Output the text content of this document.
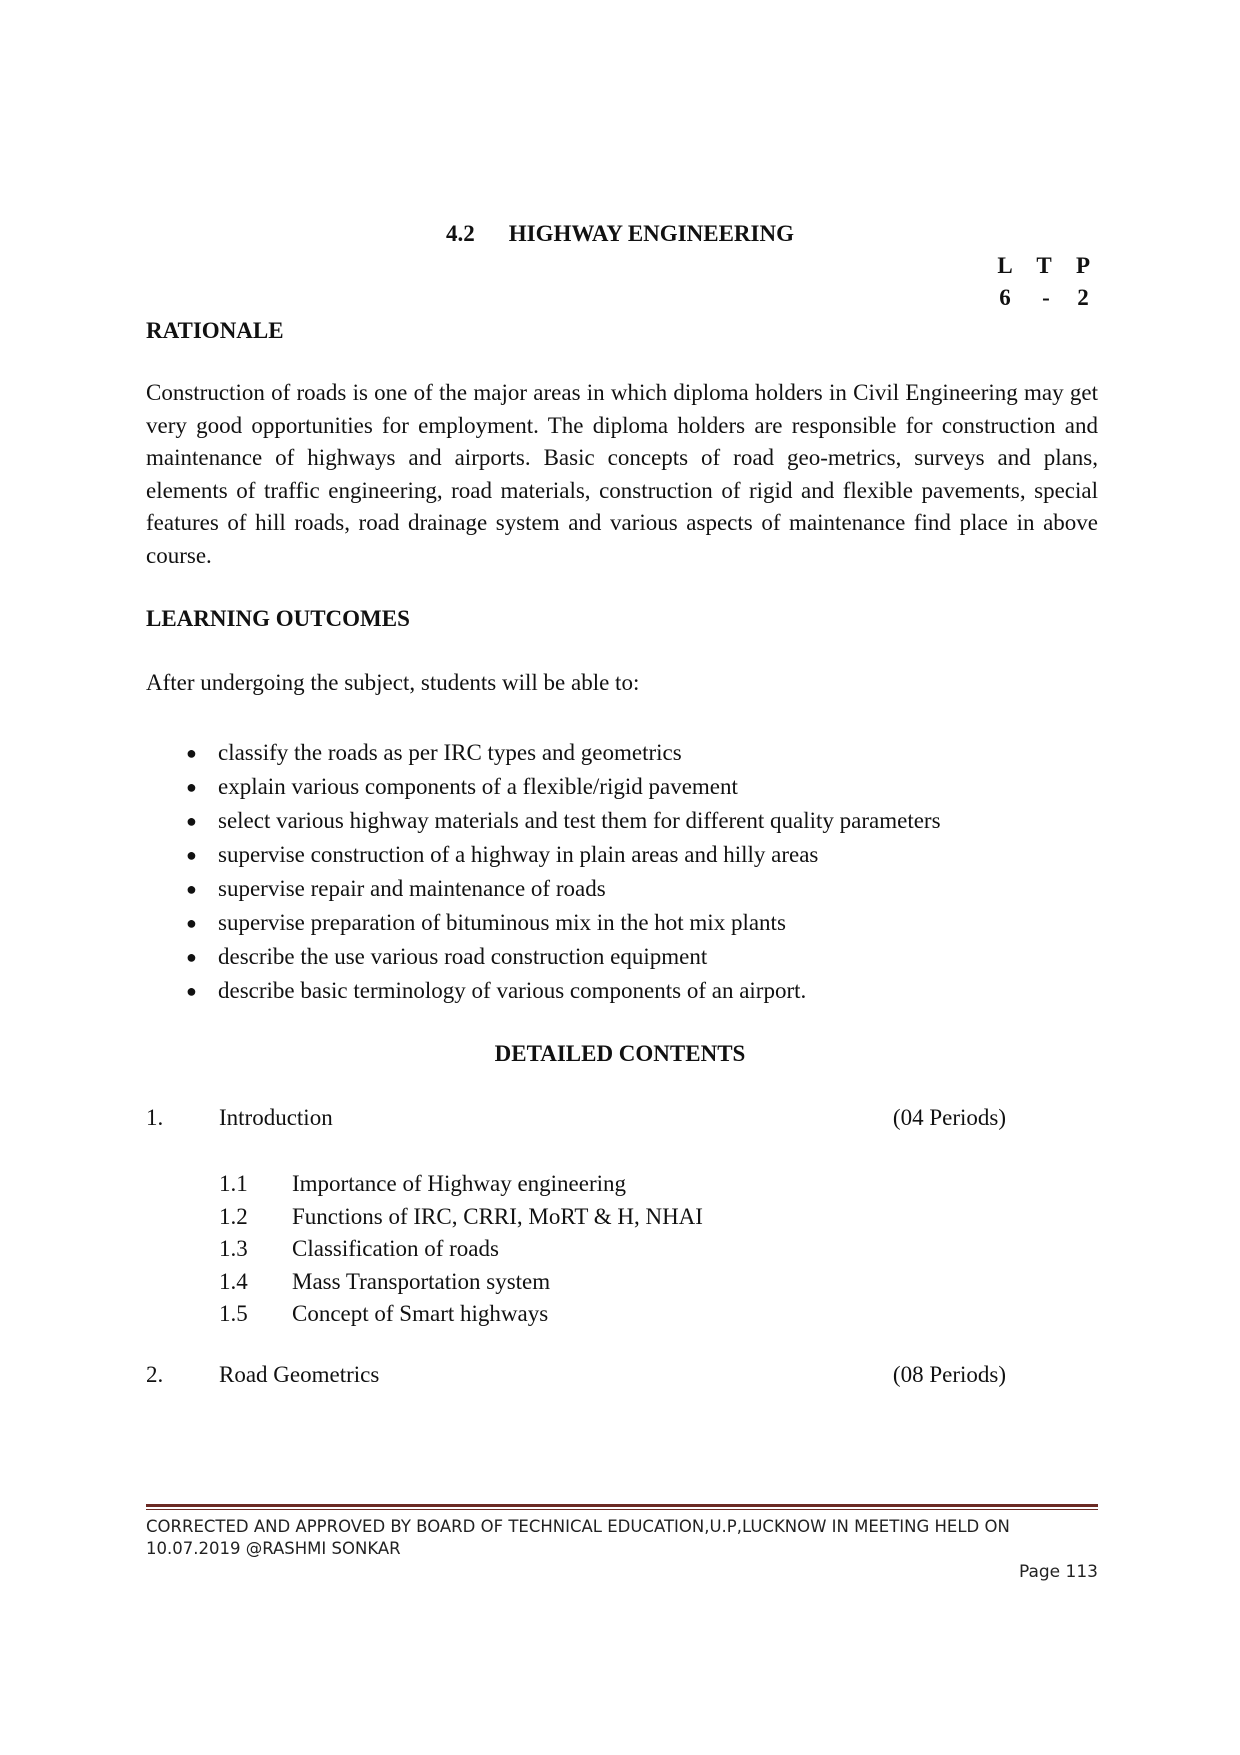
4.2 HIGHWAY ENGINEERING
L	T	P
6	-	2
RATIONALE
Construction of roads is one of the major areas in which diploma holders in Civil Engineering may get very good opportunities for employment. The diploma holders are responsible for construction and maintenance of highways and airports. Basic concepts of road geo-metrics, surveys and plans, elements of traffic engineering, road materials, construction of rigid and flexible pavements, special features of hill roads, road drainage system and various aspects of maintenance find place in above course.
LEARNING OUTCOMES
After undergoing the subject, students will be able to:
● classify the roads as per IRC types and geometrics
● explain various components of a flexible/rigid pavement
● select various highway materials and test them for different quality parameters
● supervise construction of a highway in plain areas and hilly areas
● supervise repair and maintenance of roads
● supervise preparation of bituminous mix in the hot mix plants
● describe the use various road construction equipment
● describe basic terminology of various components of an airport.
DETAILED CONTENTS
1. Introduction	(04 Periods)
1.1 Importance of Highway engineering
1.2 Functions of IRC, CRRI, MoRT & H, NHAI
1.3 Classification of roads
1.4 Mass Transportation system
1.5 Concept of Smart highways
2. Road Geometrics	(08 Periods)
CORRECTED AND APPROVED BY BOARD OF TECHNICAL EDUCATION,U.P,LUCKNOW IN MEETING HELD ON
10.07.2019 @RASHMI SONKAR
Page 113
